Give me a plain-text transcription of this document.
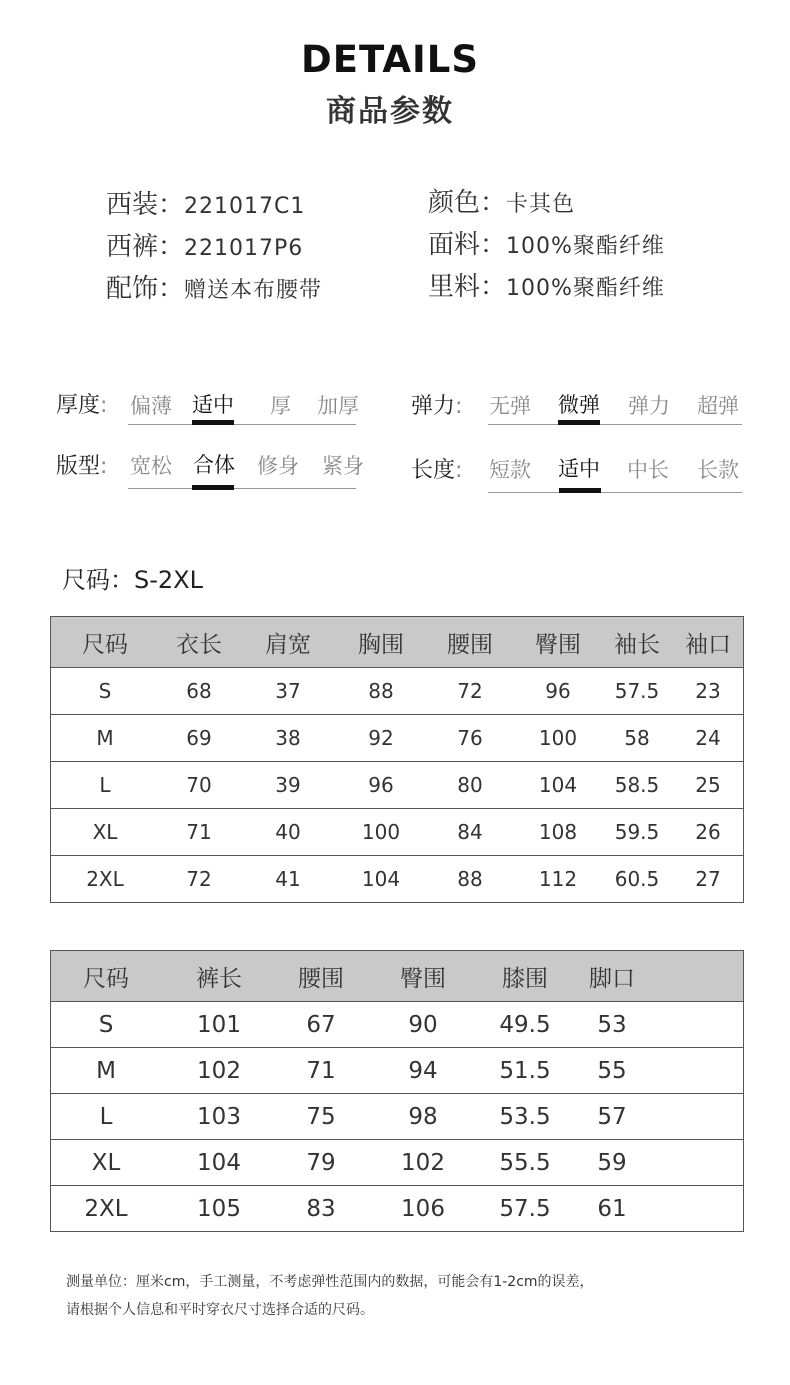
DETAILS
商品参数
西装：221017C1
西裤：221017P6
配饰：赠送本布腰带
颜色：卡其色
面料：100%聚酯纤维
里料：100%聚酯纤维
厚度: 偏薄 适中 厚 加厚
版型: 宽松 合体 修身 紧身
弹力: 无弹 微弹 弹力 超弹
长度: 短款 适中 中长 长款
尺码：S-2XL
尺码	衣长	肩宽	胸围	腰围	臀围	袖长	袖口
S	68	37	88	72	96	57.5	23
M	69	38	92	76	100	58	24
L	70	39	96	80	104	58.5	25
XL	71	40	100	84	108	59.5	26
2XL	72	41	104	88	112	60.5	27
尺码	裤长	腰围	臀围	膝围	脚口	
S	101	67	90	49.5	53	
M	102	71	94	51.5	55	
L	103	75	98	53.5	57	
XL	104	79	102	55.5	59	
2XL	105	83	106	57.5	61	
测量单位：厘米cm，手工测量，不考虑弹性范围内的数据，可能会有1-2cm的误差，
请根据个人信息和平时穿衣尺寸选择合适的尺码。
